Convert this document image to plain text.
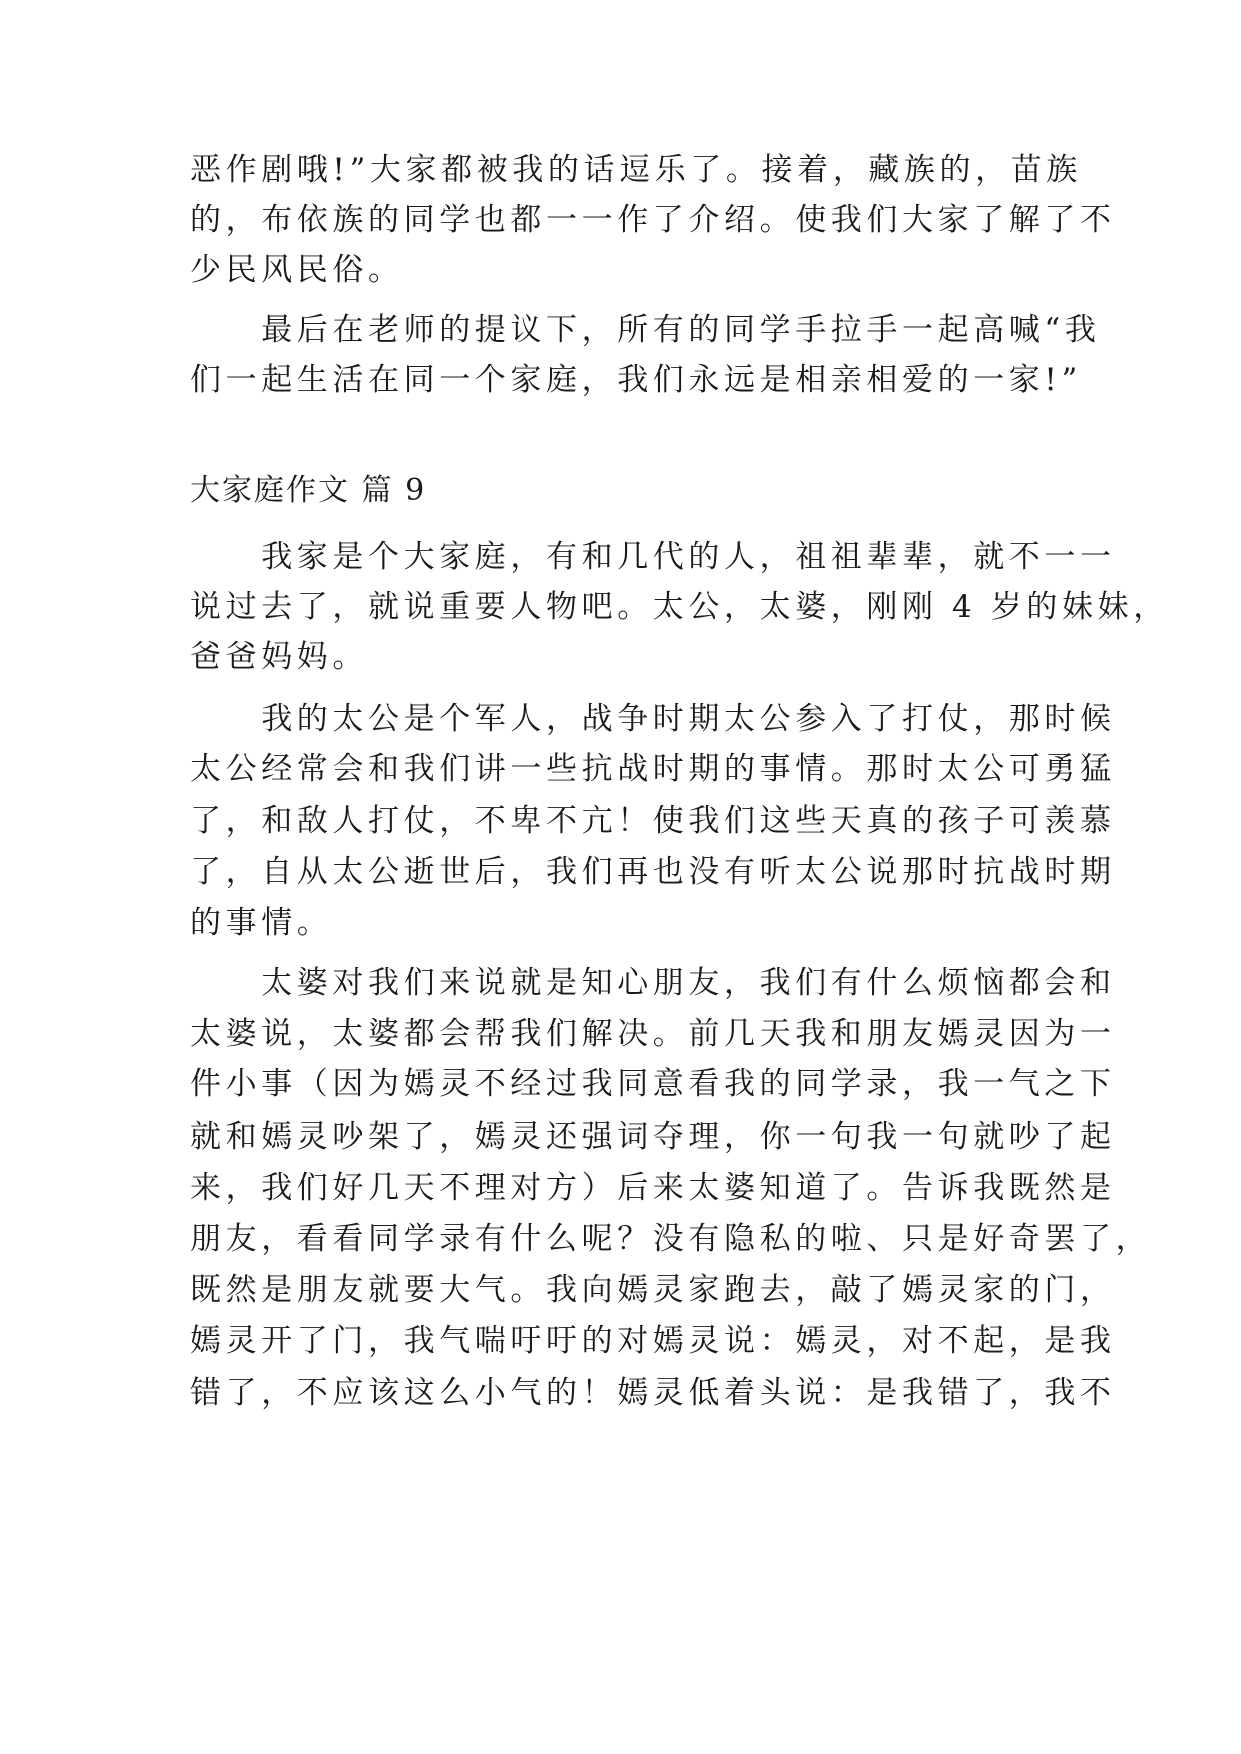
恶作剧哦!”大家都被我的话逗乐了。接着，藏族的，苗族
的，布依族的同学也都一一作了介绍。使我们大家了解了不
少民风民俗。
　　最后在老师的提议下，所有的同学手拉手一起高喊“我
们一起生活在同一个家庭，我们永远是相亲相爱的一家!”
大家庭作文 篇 9
　　我家是个大家庭，有和几代的人，祖祖辈辈，就不一一
说过去了，就说重要人物吧。太公，太婆，刚刚 4 岁的妹妹，
爸爸妈妈。
　　我的太公是个军人，战争时期太公参入了打仗，那时候
太公经常会和我们讲一些抗战时期的事情。那时太公可勇猛
了，和敌人打仗，不卑不亢！使我们这些天真的孩子可羡慕
了，自从太公逝世后，我们再也没有听太公说那时抗战时期
的事情。
　　太婆对我们来说就是知心朋友，我们有什么烦恼都会和
太婆说，太婆都会帮我们解决。前几天我和朋友嫣灵因为一
件小事（因为嫣灵不经过我同意看我的同学录，我一气之下
就和嫣灵吵架了，嫣灵还强词夺理，你一句我一句就吵了起
来，我们好几天不理对方）后来太婆知道了。告诉我既然是
朋友，看看同学录有什么呢？没有隐私的啦、只是好奇罢了，
既然是朋友就要大气。我向嫣灵家跑去，敲了嫣灵家的门，
嫣灵开了门，我气喘吁吁的对嫣灵说：嫣灵，对不起，是我
错了，不应该这么小气的！嫣灵低着头说：是我错了，我不
